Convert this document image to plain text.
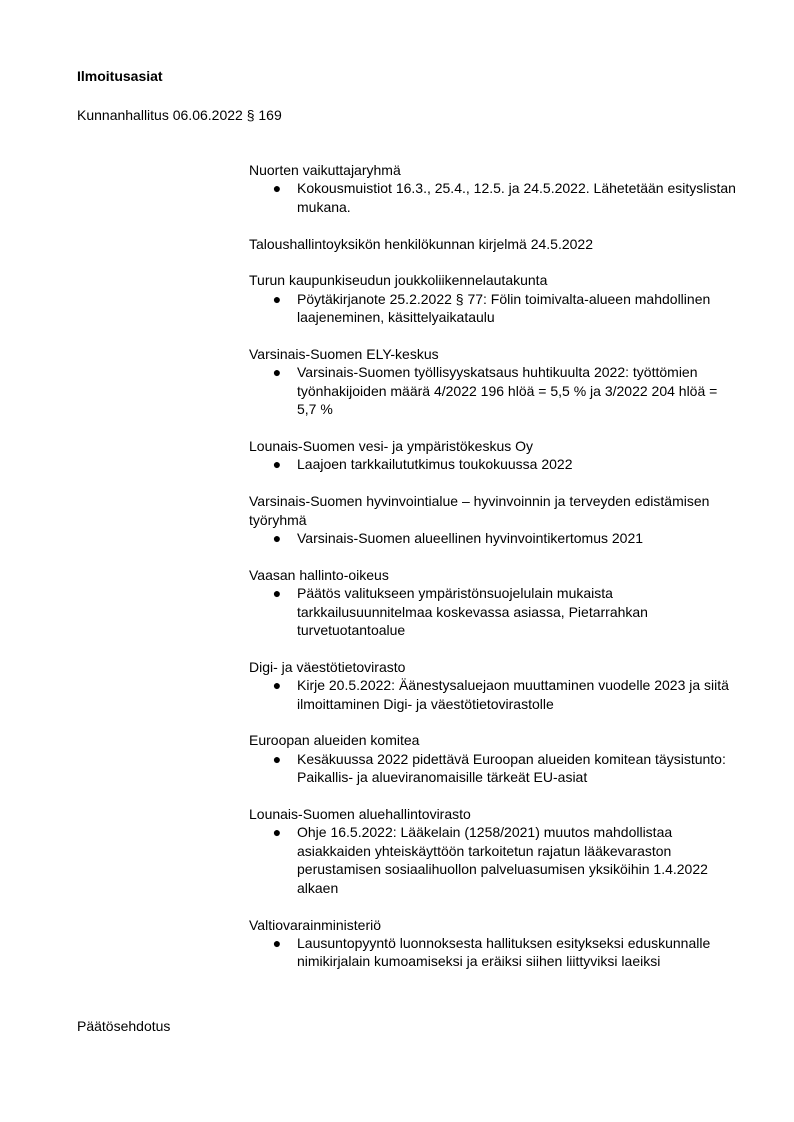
Ilmoitusasiat
Kunnanhallitus 06.06.2022 § 169

Nuorten vaikuttajaryhmä

● Kokousmuistiot 16.3., 25.4., 12.5. ja 24.5.2022. Lähetetään esityslistan mukana.

Taloushallintoyksikön henkilökunnan kirjelmä 24.5.2022

Turun kaupunkiseudun joukkoliikennelautakunta

● Pöytäkirjanote 25.2.2022 § 77: Fölin toimivalta-alueen mahdollinen laajeneminen, käsittelyaikataulu

Varsinais-Suomen ELY-keskus

● Varsinais-Suomen työllisyyskatsaus huhtikuulta 2022: työttömien työnhakijoiden määrä 4/2022 196 hlöä = 5,5 % ja 3/2022 204 hlöä = 5,7 %

Lounais-Suomen vesi- ja ympäristökeskus Oy

● Laajoen tarkkailututkimus toukokuussa 2022

Varsinais-Suomen hyvinvointialue – hyvinvoinnin ja terveyden edistämisen työryhmä

● Varsinais-Suomen alueellinen hyvinvointikertomus 2021

Vaasan hallinto-oikeus

● Päätös valitukseen ympäristönsuojelulain mukaista tarkkailusuunnitelmaa koskevassa asiassa, Pietarrahkan turvetuotantoalue

Digi- ja väestötietovirasto

● Kirje 20.5.2022: Äänestysaluejaon muuttaminen vuodelle 2023 ja siitä ilmoittaminen Digi- ja väestötietovirastolle

Euroopan alueiden komitea

● Kesäkuussa 2022 pidettävä Euroopan alueiden komitean täysistunto: Paikallis- ja alueviranomaisille tärkeät EU-asiat

Lounais-Suomen aluehallintovirasto

● Ohje 16.5.2022: Lääkelain (1258/2021) muutos mahdollistaa asiakkaiden yhteiskäyttöön tarkoitetun rajatun lääkevaraston perustamisen sosiaalihuollon palveluasumisen yksiköihin 1.4.2022 alkaen

Valtiovarainministeriö

● Lausuntopyyntö luonnoksesta hallituksen esitykseksi eduskunnalle nimikirjalain kumoamiseksi ja eräiksi siihen liittyviksi laeiksi
Päätösehdotus
